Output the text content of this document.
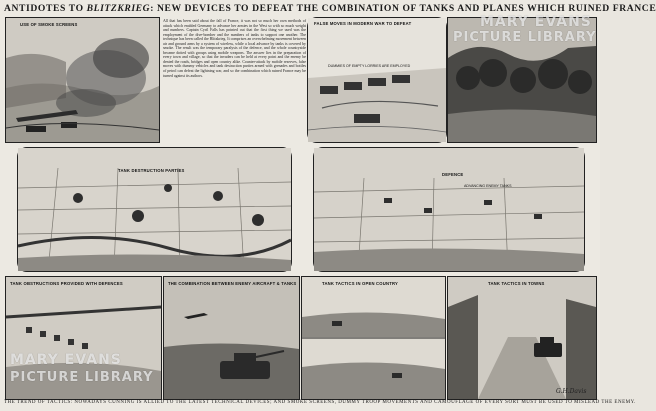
ANTIDOTES TO BLITZKRIEG: NEW DEVICES TO DEFEAT THE COMBINATION OF TANKS AND PLANES WHICH RUINED FRANCE
USE OF SMOKE SCREENS
All that has been said about the fall of France, it was not so much her own methods of attack which enabled Germany to advance her armies in the West so with so much weight and numbers. Captain Cyril Falls has pointed out that the first thing we used was the employment of the dive-bomber and the numbers of tanks to support one another. The technique has been called the Blitzkrieg. It comprises an overwhelming movement between air and ground arms by a system of wireless, while a local advance by tanks is covered by smoke. The result was the temporary paralysis of the defence, and the whole countryside became dotted with groups using mobile weapons. The answer lies in the preparation of every town and village, so that the invaders can be held at every point and the enemy be denied the roads, bridges and open country alike. Counter-attack by mobile reserves, false moves with dummy vehicles and tank destruction parties armed with grenades and bottles of petrol can defeat the lightning war, and so the combination which ruined France may be turned against its authors.
FALSE MOVES IN MODERN WAR TO DEFEAT
DUMMIES OF EMPTY LORRIES ARE EMPLOYED
TANK DESTRUCTION PARTIES
DEFENCE
ADVANCING ENEMY TANKS
TANK OBSTRUCTIONS PROVIDED WITH DEFENCES	THE COMBINATION BETWEEN ENEMY AIRCRAFT & TANKS	TANK TACTICS IN OPEN COUNTRY	TANK TACTICS IN TOWNS
G.H.Davis
THE TREND OF TACTICS: NOWADAYS CUNNING IS ALLIED TO THE LATEST TECHNICAL DEVICES; AND SMOKE SCREENS, DUMMY TROOP MOVEMENTS AND CAMOUFLAGE OF EVERY SORT MUST BE USED TO MISLEAD THE ENEMY.
MARY EVANS
PICTURE LIBRARY
MARY EVANS
PICTURE LIBRARY
